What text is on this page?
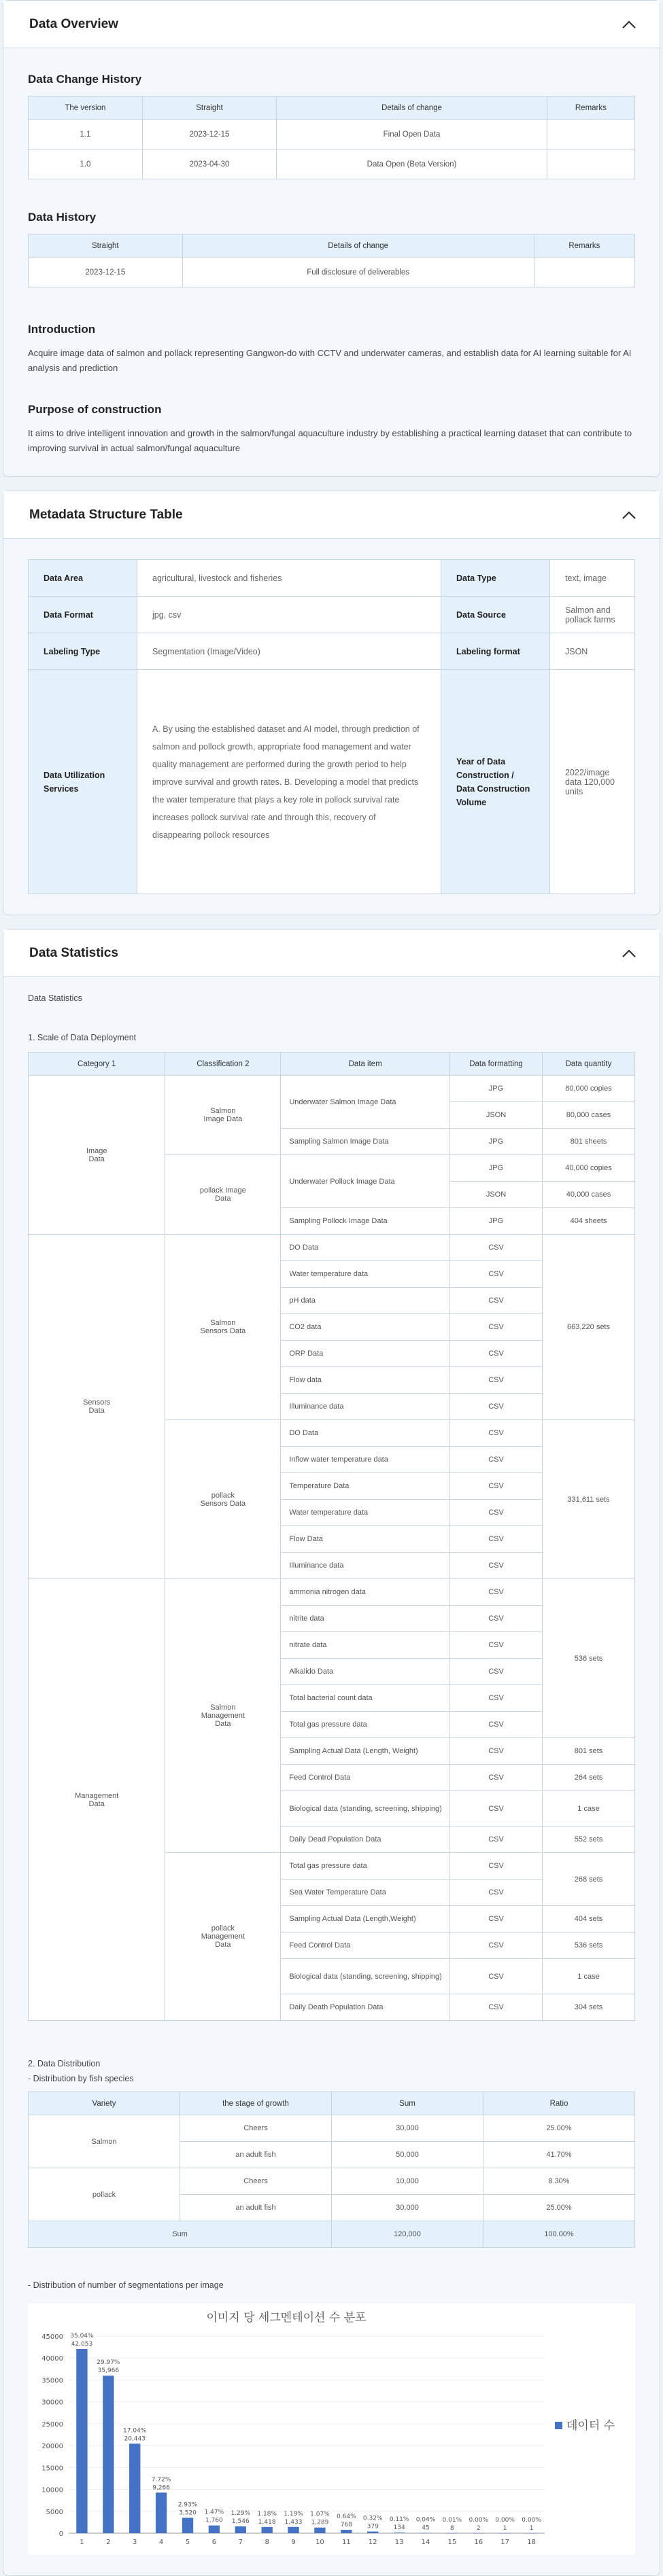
Data Overview
Data Change History
The version	Straight	Details of change	Remarks
1.1	2023-12-15	Final Open Data	
1.0	2023-04-30	Data Open (Beta Version)	
Data History
Straight	Details of change	Remarks
2023-12-15	Full disclosure of deliverables	
Introduction

Acquire image data of salmon and pollack representing Gangwon-do with CCTV and underwater cameras, and establish data for AI learning suitable for AI analysis and prediction

Purpose of construction

It aims to drive intelligent innovation and growth in the salmon/fungal aquaculture industry by establishing a practical learning dataset that can contribute to improving survival in actual salmon/fungal aquaculture

Metadata Structure Table
Data Area	agricultural, livestock and fisheries	Data Type	text, image
Data Format	jpg, csv	Data Source	Salmon and pollack farms
Labeling Type	Segmentation (Image/Video)	Labeling format	JSON
Data Utilization Services	A. By using the established dataset and AI model, through prediction of salmon and pollock growth, appropriate food management and water quality management are performed during the growth period to help improve survival and growth rates. B. Developing a model that predicts the water temperature that plays a key role in pollock survival rate increases pollock survival rate and through this, recovery of disappearing pollock resources	Year of Data Construction / Data Construction Volume	2022/image data 120,000 units
Data Statistics
Data Statistics
1. Scale of Data Deployment
Category 1	Classification 2	Data item	Data formatting	Data quantity
Image Data	Salmon Image Data	Underwater Salmon Image Data	JPG	80,000 copies
			JSON	80,000 cases
		Sampling Salmon Image Data	JPG	801 sheets
	pollack Image Data	Underwater Pollock Image Data	JPG	40,000 copies
			JSON	40,000 cases
		Sampling Pollock Image Data	JPG	404 sheets
Sensors Data	Salmon Sensors Data	DO Data	CSV	663,220 sets
		Water temperature data	CSV	
		pH data	CSV	
		CO2 data	CSV	
		ORP Data	CSV	
		Flow data	CSV	
		Illuminance data	CSV	
	pollack Sensors Data	DO Data	CSV	331,611 sets
		Inflow water temperature data	CSV	
		Temperature Data	CSV	
		Water temperature data	CSV	
		Flow Data	CSV	
		Illuminance data	CSV	
Management Data	Salmon Management Data	ammonia nitrogen data	CSV	536 sets
		nitrite data	CSV	
		nitrate data	CSV	
		Alkalido Data	CSV	
		Total bacterial count data	CSV	
		Total gas pressure data	CSV	
		Sampling Actual Data (Length, Weight)	CSV	801 sets
		Feed Control Data	CSV	264 sets
		Biological data (standing, screening, shipping)	CSV	1 case
		Daily Dead Population Data	CSV	552 sets
	pollack Management Data	Total gas pressure data	CSV	268 sets
		Sea Water Temperature Data	CSV	
		Sampling Actual Data (Length,Weight)	CSV	404 sets
		Feed Control Data	CSV	536 sets
		Biological data (standing, screening, shipping)	CSV	1 case
		Daily Death Population Data	CSV	304 sets
2. Data Distribution
- Distribution by fish species
Variety	the stage of growth	Sum	Ratio
Salmon	Cheers	30,000	25.00%
	an adult fish	50,000	41.70%
pollack	Cheers	10,000	8.30%
	an adult fish	30,000	25.00%
Sum		120,000	100.00%
- Distribution of number of segmentations per image
이미지 당 세그멘테이션 수 분포
데이터 수
0
5000
10000
15000
20000
25000
30000
35000
40000
45000 35.04%
42,053
1
29.97%
35,966
2
17.04%
20,443
3
7.72%
9,266
4
2.93%
3,520
5
1.47%
1,760
6
1.29%
1,546
7
1.18%
1,418
8
1.19%
1,433
9
1.07%
1,289
10
0.64%
768
11
0.32%
379
12
0.11%
134
13
0.04%
45
14
0.01%
8
15
0.00%
2
16
0.00%
1
17
0.00%
1
18
